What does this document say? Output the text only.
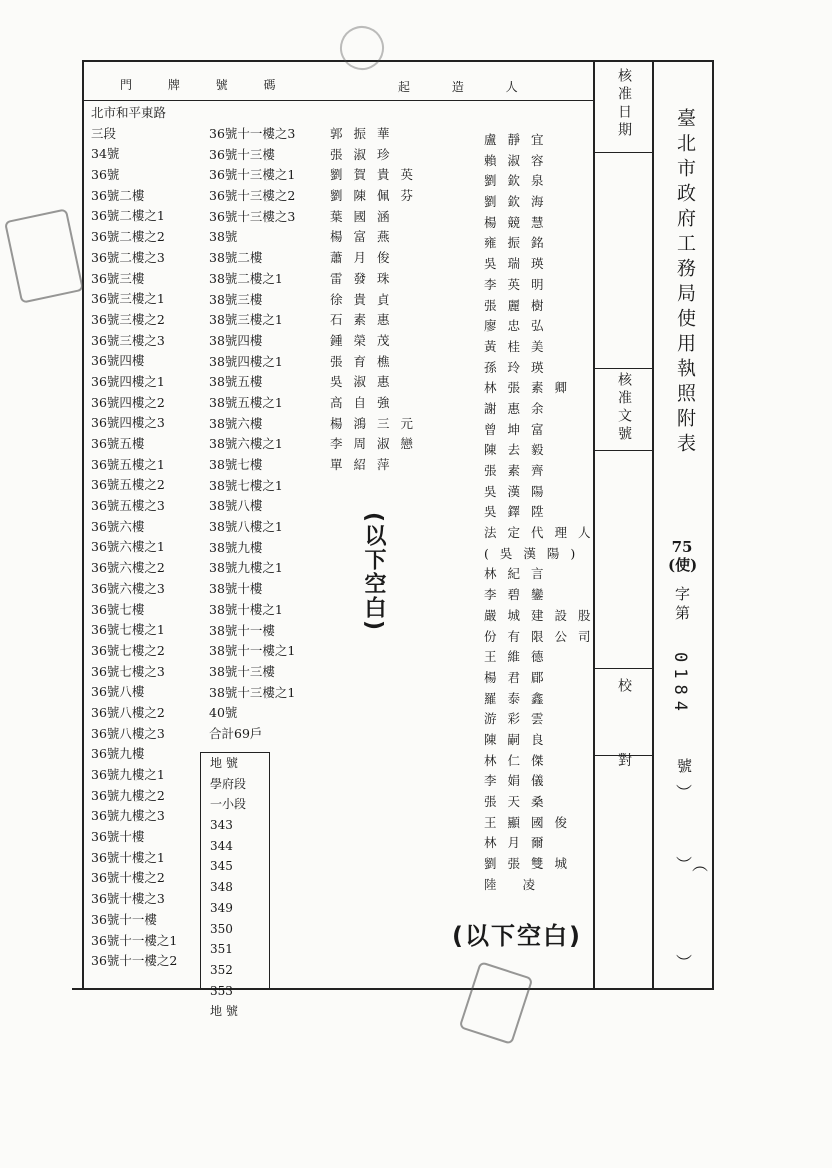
門 牌 號 碼	起 造 人	核准日期
核准文號
校 對
臺北市政府工務局使用執照附表
75(使)
字第
0184
號
︶
︶︵
︶
北市和平東路
三段
34號
36號
36號二樓
36號二樓之1
36號二樓之2
36號二樓之3
36號三樓
36號三樓之1
36號三樓之2
36號三樓之3
36號四樓
36號四樓之1
36號四樓之2
36號四樓之3
36號五樓
36號五樓之1
36號五樓之2
36號五樓之3
36號六樓
36號六樓之1
36號六樓之2
36號六樓之3
36號七樓
36號七樓之1
36號七樓之2
36號七樓之3
36號八樓
36號八樓之2
36號八樓之3
36號九樓
36號九樓之1
36號九樓之2
36號九樓之3
36號十樓
36號十樓之1
36號十樓之2
36號十樓之3
36號十一樓
36號十一樓之1
36號十一樓之2
36號十一樓之3
36號十三樓
36號十三樓之1
36號十三樓之2
36號十三樓之3
38號
38號二樓
38號二樓之1
38號三樓
38號三樓之1
38號四樓
38號四樓之1
38號五樓
38號五樓之1
38號六樓
38號六樓之1
38號七樓
38號七樓之1
38號八樓
38號八樓之1
38號九樓
38號九樓之1
38號十樓
38號十樓之1
38號十一樓
38號十一樓之1
38號十三樓
38號十三樓之1
40號
合計69戶
地 號
學府段
一小段
343
344
345
348
349
350
351
352
353
地 號
郭振華
張淑珍
劉賀貴英
劉陳佩芬
葉國涵
楊富燕
蕭月俊
雷發珠
徐貴貞
石素惠
鍾榮茂
張育樵
吳淑惠
高自強
楊鴻三元
李周淑戀
單紹萍
盧靜宜
賴淑容
劉欽泉
劉欽海
楊競慧
雍振銘
吳瑞瑛
李英明
張麗樹
廖忠弘
黃桂美
孫玲瑛
林張素卿
謝惠余
曾坤富
陳去毅
張素齊
吳漢陽
吳鐸陞
法定代理人
(吳漢陽)
林紀言
李碧鑾
嚴城建設股
份有限公司
王維德
楊君郿
羅泰鑫
游彩雲
陳嗣良
林仁傑
李娟儀
張天桑
王顯國俊
林月爾
劉張雙城
陸 凌
(以下空白)
(以下空白)
